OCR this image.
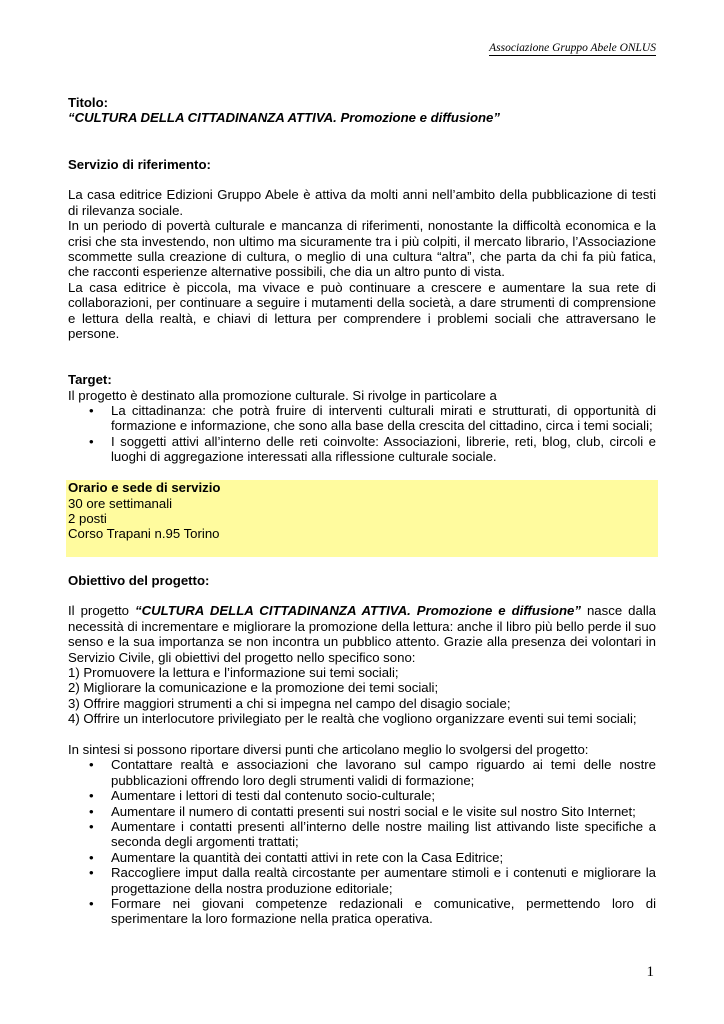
Associazione Gruppo Abele ONLUS

Titolo:

“CULTURA DELLA CITTADINANZA ATTIVA. Promozione e diffusione”

Servizio di riferimento:

La casa editrice Edizioni Gruppo Abele è attiva da molti anni nell’ambito della pubblicazione di testi di rilevanza sociale.

In un periodo di povertà culturale e mancanza di riferimenti, nonostante la difficoltà economica e la crisi che sta investendo, non ultimo ma sicuramente tra i più colpiti, il mercato librario, l’Associazione scommette sulla creazione di cultura, o meglio di una cultura “altra”, che parta da chi fa più fatica, che racconti esperienze alternative possibili, che dia un altro punto di vista.

La casa editrice è piccola, ma vivace e può continuare a crescere e aumentare la sua rete di collaborazioni, per continuare a seguire i mutamenti della società, a dare strumenti di comprensione e lettura della realtà, e chiavi di lettura per comprendere i problemi sociali che attraversano le persone.

Target:

Il progetto è destinato alla promozione culturale. Si rivolge in particolare a

• La cittadinanza: che potrà fruire di interventi culturali mirati e strutturati, di opportunità di formazione e informazione, che sono alla base della crescita del cittadino, circa i temi sociali;
• I soggetti attivi all’interno delle reti coinvolte: Associazioni, librerie, reti, blog, club, circoli e luoghi di aggregazione interessati alla riflessione culturale sociale.

Orario e sede di servizio

30 ore settimanali

2 posti

Corso Trapani n.95 Torino

Obiettivo del progetto:

Il progetto “CULTURA DELLA CITTADINANZA ATTIVA. Promozione e diffusione” nasce dalla necessità di incrementare e migliorare la promozione della lettura: anche il libro più bello perde il suo senso e la sua importanza se non incontra un pubblico attento. Grazie alla presenza dei volontari in Servizio Civile, gli obiettivi del progetto nello specifico sono:

1) Promuovere la lettura e l’informazione sui temi sociali;

2) Migliorare la comunicazione e la promozione dei temi sociali;

3) Offrire maggiori strumenti a chi si impegna nel campo del disagio sociale;

4) Offrire un interlocutore privilegiato per le realtà che vogliono organizzare eventi sui temi sociali;

In sintesi si possono riportare diversi punti che articolano meglio lo svolgersi del progetto:

• Contattare realtà e associazioni che lavorano sul campo riguardo ai temi delle nostre pubblicazioni offrendo loro degli strumenti validi di formazione;
• Aumentare i lettori di testi dal contenuto socio-culturale;
• Aumentare il numero di contatti presenti sui nostri social e le visite sul nostro Sito Internet;
• Aumentare i contatti presenti all’interno delle nostre mailing list attivando liste specifiche a seconda degli argomenti trattati;
• Aumentare la quantità dei contatti attivi in rete con la Casa Editrice;
• Raccogliere imput dalla realtà circostante per aumentare stimoli e i contenuti e migliorare la progettazione della nostra produzione editoriale;
• Formare nei giovani competenze redazionali e comunicative, permettendo loro di sperimentare la loro formazione nella pratica operativa.
1
